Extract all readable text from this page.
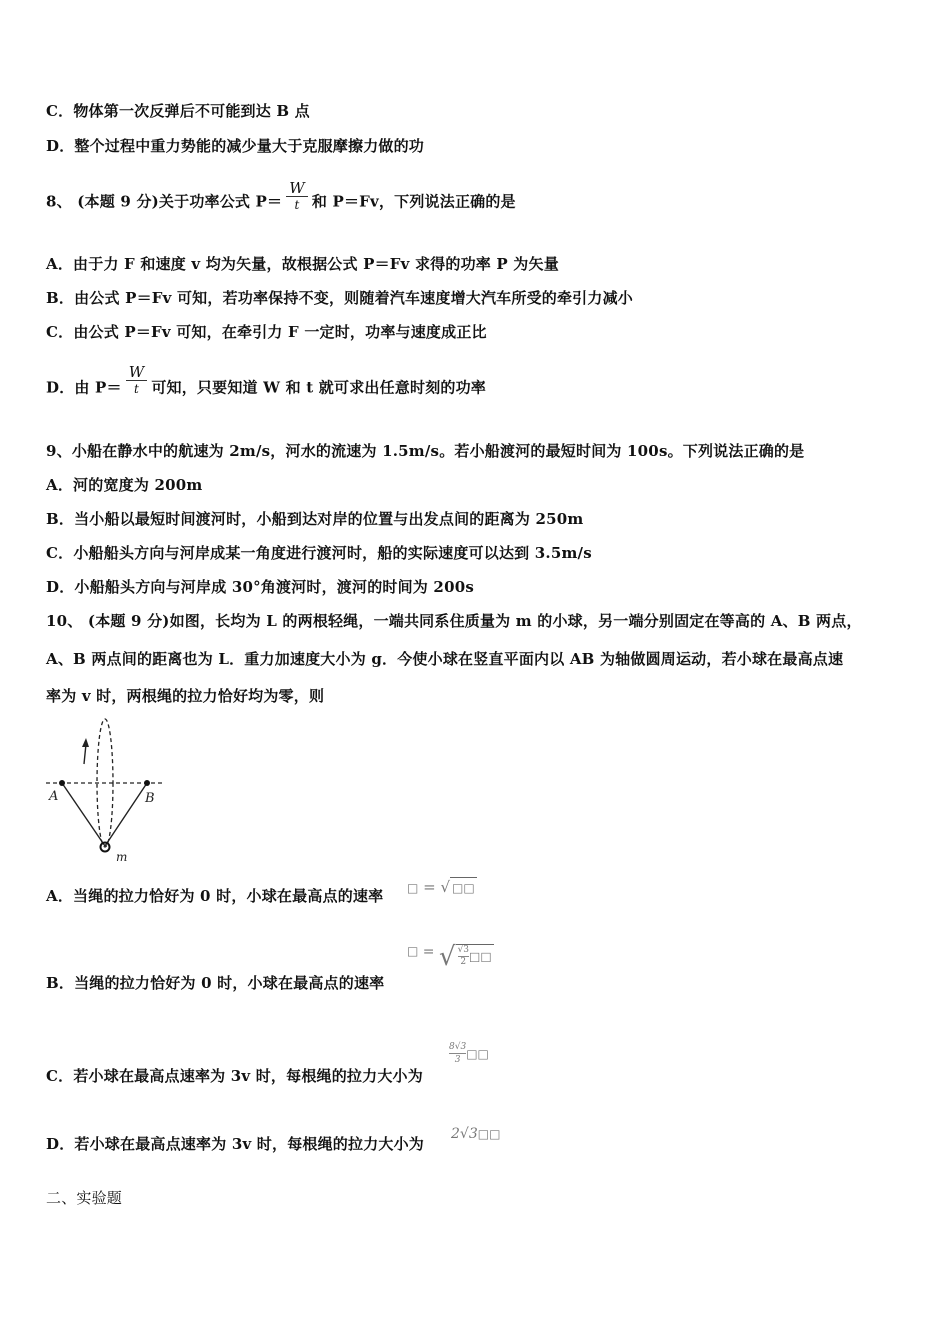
C．物体第一次反弹后不可能到达 B 点
D．整个过程中重力势能的减少量大于克服摩擦力做的功
8、 (本题 9 分)关于功率公式 $P= \frac{W}{t}$ 和 P＝Fv，下列说法正确的是
A．由于力 F 和速度 v 均为矢量，故根据公式 P＝Fv 求得的功率 P 为矢量
B．由公式 P＝Fv 可知，若功率保持不变，则随着汽车速度增大汽车所受的牵引力减小
C．由公式 P＝Fv 可知，在牵引力 F 一定时，功率与速度成正比
D．由 $P= \frac{W}{t}$ 可知，只要知道 W 和 t 就可求出任意时刻的功率
9、小船在静水中的航速为 2m/s，河水的流速为 1.5m/s。若小船渡河的最短时间为 100s。下列说法正确的是
A．河的宽度为 200m
B．当小船以最短时间渡河时，小船到达对岸的位置与出发点间的距离为 250m
C．小船船头方向与河岸成某一角度进行渡河时，船的实际速度可以达到 3.5m/s
D．小船船头方向与河岸成 30°角渡河时，渡河的时间为 200s
10、 (本题 9 分)如图，长均为 L 的两根轻绳，一端共同系住质量为 m 的小球，另一端分别固定在等高的 A、B 两点，
A、B 两点间的距离也为 L．重力加速度大小为 g．今使小球在竖直平面内以 AB 为轴做圆周运动，若小球在最高点速
率为 v 时，两根绳的拉力恰好均为零，则
A	B
m
A．当绳的拉力恰好为 0 时，小球在最高点的速率 □ = √ □□
B．当绳的拉力恰好为 0 时，小球在最高点的速率
□ = √ $\frac{√3}{2}$ □□
C．若小球在最高点速率为 3v 时，每根绳的拉力大小为
$\frac{8√3}{3}$ □□
D．若小球在最高点速率为 3v 时，每根绳的拉力大小为
2√3□□
二、实验题
